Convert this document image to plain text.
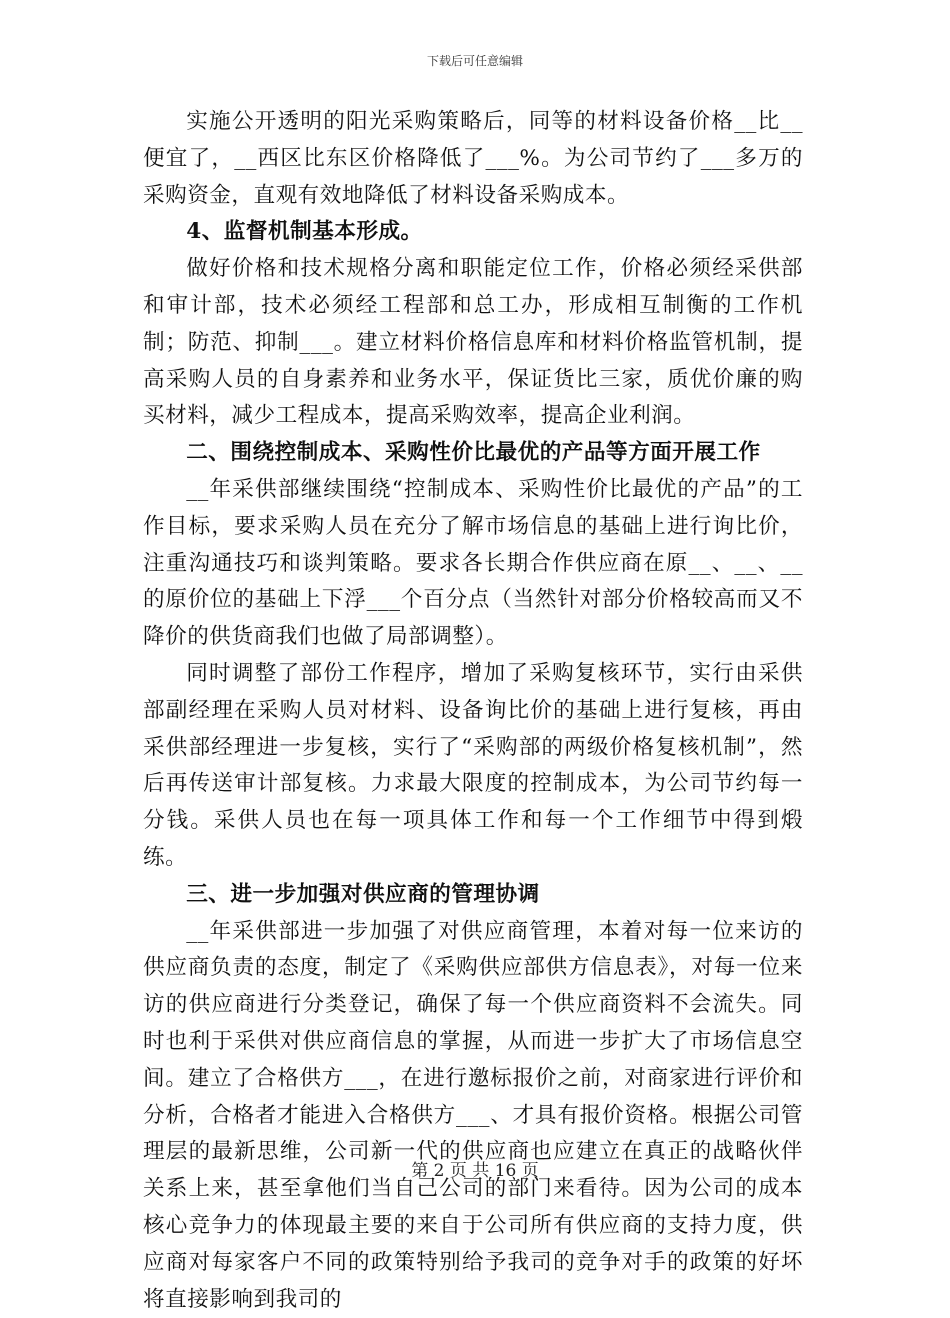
下载后可任意编辑

实施公开透明的阳光采购策略后，同等的材料设备价格__比__便宜了，__西区比东区价格降低了___%。为公司节约了___多万的采购资金，直观有效地降低了材料设备采购成本。

4、监督机制基本形成。

做好价格和技术规格分离和职能定位工作，价格必须经采供部和审计部，技术必须经工程部和总工办，形成相互制衡的工作机制；防范、抑制___。建立材料价格信息库和材料价格监管机制，提高采购人员的自身素养和业务水平，保证货比三家，质优价廉的购买材料，减少工程成本，提高采购效率，提高企业利润。

二、围绕控制成本、采购性价比最优的产品等方面开展工作

__年采供部继续围绕“控制成本、采购性价比最优的产品”的工作目标，要求采购人员在充分了解市场信息的基础上进行询比价，注重沟通技巧和谈判策略。要求各长期合作供应商在原__、__、__的原价位的基础上下浮___个百分点（当然针对部分价格较高而又不降价的供货商我们也做了局部调整）。

同时调整了部份工作程序，增加了采购复核环节，实行由采供部副经理在采购人员对材料、设备询比价的基础上进行复核，再由采供部经理进一步复核，实行了“采购部的两级价格复核机制”，然后再传送审计部复核。力求最大限度的控制成本，为公司节约每一分钱。采供人员也在每一项具体工作和每一个工作细节中得到煅练。

三、进一步加强对供应商的管理协调

__年采供部进一步加强了对供应商管理，本着对每一位来访的供应商负责的态度，制定了《采购供应部供方信息表》，对每一位来访的供应商进行分类登记，确保了每一个供应商资料不会流失。同时也利于采供对供应商信息的掌握，从而进一步扩大了市场信息空间。建立了合格供方___，在进行邀标报价之前，对商家进行评价和分析，合格者才能进入合格供方___、才具有报价资格。根据公司管理层的最新思维，公司新一代的供应商也应建立在真正的战略伙伴关系上来，甚至拿他们当自己公司的部门来看待。因为公司的成本核心竞争力的体现最主要的来自于公司所有供应商的支持力度，供应商对每家客户不同的政策特别给予我司的竞争对手的政策的好坏将直接影响到我司的

第 2 页 共 16 页
